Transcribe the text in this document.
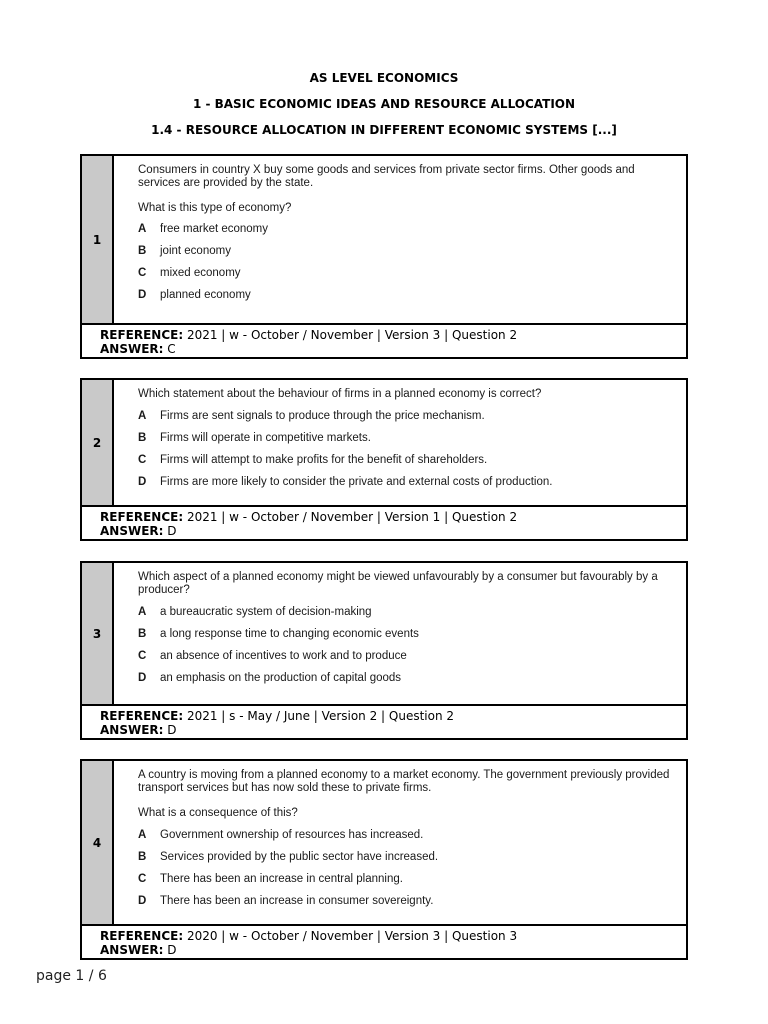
AS LEVEL ECONOMICS
1 - BASIC ECONOMIC IDEAS AND RESOURCE ALLOCATION
1.4 - RESOURCE ALLOCATION IN DIFFERENT ECONOMIC SYSTEMS [...]
1

Consumers in country X buy some goods and services from private sector firms. Other goods and services are provided by the state.

What is this type of economy?

A	free market economy
B	joint economy
C	mixed economy
D	planned economy
REFERENCE: 2021 | w - October / November | Version 3 | Question 2
ANSWER: C
2

Which statement about the behaviour of firms in a planned economy is correct?

A	Firms are sent signals to produce through the price mechanism.
B	Firms will operate in competitive markets.
C	Firms will attempt to make profits for the benefit of shareholders.
D	Firms are more likely to consider the private and external costs of production.
REFERENCE: 2021 | w - October / November | Version 1 | Question 2
ANSWER: D
3

Which aspect of a planned economy might be viewed unfavourably by a consumer but favourably by a producer?

A	a bureaucratic system of decision-making
B	a long response time to changing economic events
C	an absence of incentives to work and to produce
D	an emphasis on the production of capital goods
REFERENCE: 2021 | s - May / June | Version 2 | Question 2
ANSWER: D
4

A country is moving from a planned economy to a market economy. The government previously provided transport services but has now sold these to private firms.

What is a consequence of this?

A	Government ownership of resources has increased.
B	Services provided by the public sector have increased.
C	There has been an increase in central planning.
D	There has been an increase in consumer sovereignty.
REFERENCE: 2020 | w - October / November | Version 3 | Question 3
ANSWER: D
page 1 / 6
